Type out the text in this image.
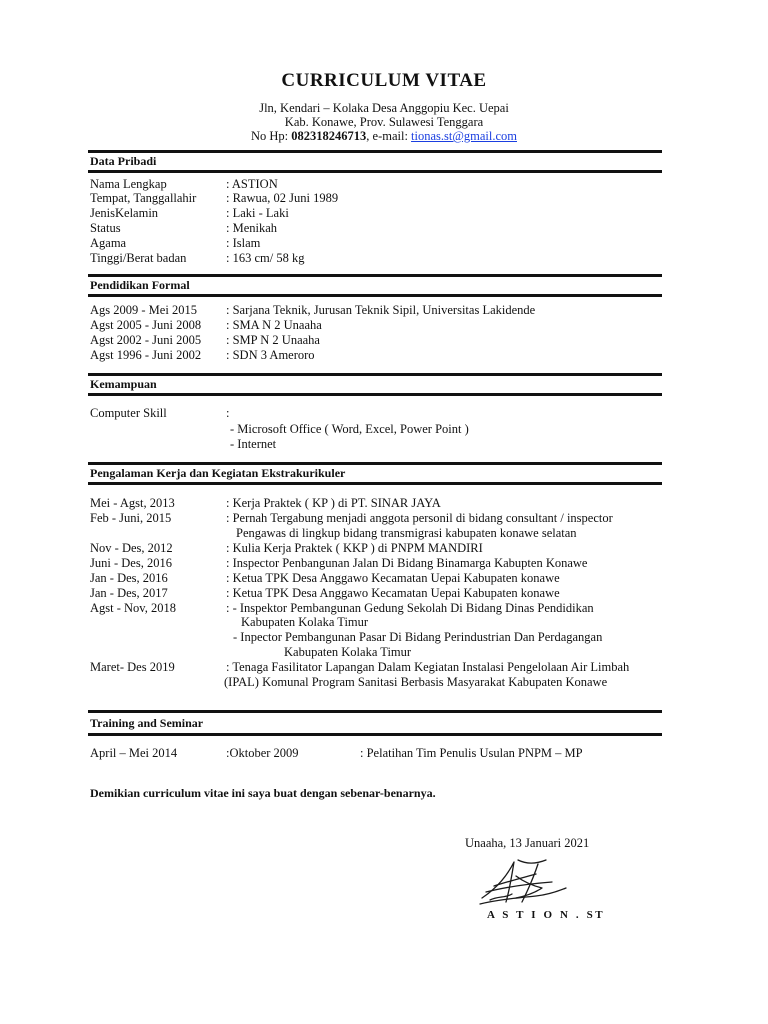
CURRICULUM VITAE
Jln, Kendari – Kolaka Desa Anggopiu Kec. Uepai
Kab. Konawe, Prov. Sulawesi Tenggara
No Hp: 082318246713, e-mail: tionas.st@gmail.com
Data Pribadi
Nama Lengkap	: ASTION
Tempat, Tanggallahir : Rawua, 02 Juni 1989
JenisKelamin	: Laki - Laki
Status	: Menikah
Agama	: Islam
Tinggi/Berat badan	: 163 cm/ 58 kg
Pendidikan Formal
Ags 2009 - Mei 2015 : Sarjana Teknik, Jurusan Teknik Sipil, Universitas Lakidende
Agst 2005 - Juni 2008 : SMA N 2 Unaaha
Agst 2002 - Juni 2005 : SMP N 2 Unaaha
Agst 1996 - Juni 2002 : SDN 3 Ameroro
Kemampuan
Computer Skill	:
- Microsoft Office ( Word, Excel, Power Point )
- Internet
Pengalaman Kerja dan Kegiatan Ekstrakurikuler
Mei - Agst, 2013	: Kerja Praktek ( KP ) di PT. SINAR JAYA
Feb - Juni, 2015	: Pernah Tergabung menjadi anggota personil di bidang consultant / inspector
Pengawas di lingkup bidang transmigrasi kabupaten konawe selatan
Nov - Des, 2012	: Kulia Kerja Praktek ( KKP ) di PNPM MANDIRI
Juni - Des, 2016	: Inspector Penbangunan Jalan Di Bidang Binamarga Kabupten Konawe
Jan - Des, 2016	: Ketua TPK Desa Anggawo Kecamatan Uepai Kabupaten konawe
Jan - Des, 2017	: Ketua TPK Desa Anggawo Kecamatan Uepai Kabupaten konawe
Agst - Nov, 2018	: - Inspektor Pembangunan Gedung Sekolah Di Bidang Dinas Pendidikan
Kabupaten Kolaka Timur
- Inpector Pembangunan Pasar Di Bidang Perindustrian Dan Perdagangan
Kabupaten Kolaka Timur
Maret- Des 2019	: Tenaga Fasilitator Lapangan Dalam Kegiatan Instalasi Pengelolaan Air Limbah
(IPAL) Komunal Program Sanitasi Berbasis Masyarakat Kabupaten Konawe
Training and Seminar
April – Mei 2014	:Oktober 2009	: Pelatihan Tim Penulis Usulan PNPM – MP
Demikian curriculum vitae ini saya buat dengan sebenar-benarnya.
Unaaha, 13 Januari 2021
A S T I O N . ST
